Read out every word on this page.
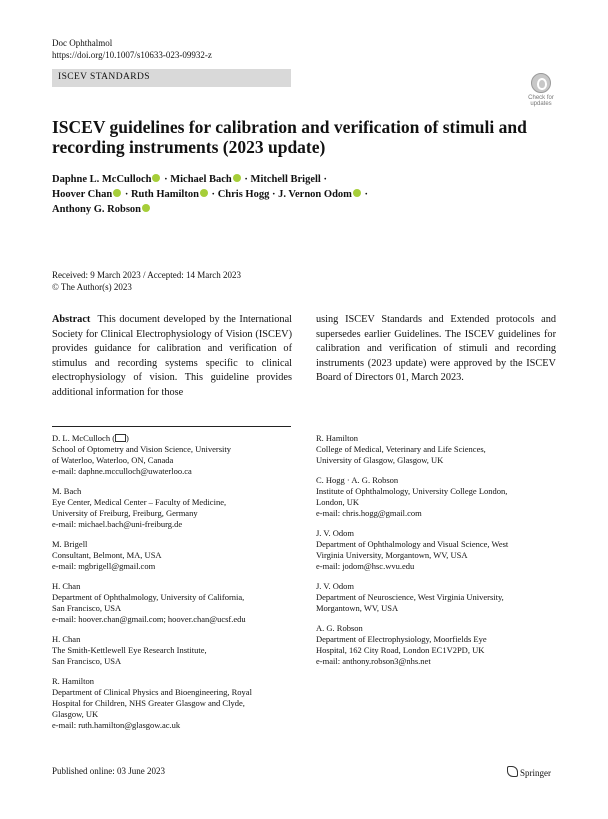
Doc Ophthalmol
https://doi.org/10.1007/s10633-023-09932-z
ISCEV STANDARDS
Check for
updates
ISCEV guidelines for calibration and verification of stimuli and recording instruments (2023 update)
Daphne L. McCulloch · Michael Bach · Mitchell Brigell ·
Hoover Chan · Ruth Hamilton · Chris Hogg · J. Vernon Odom ·
Anthony G. Robson
Received: 9 March 2023 / Accepted: 14 March 2023
© The Author(s) 2023
Abstract This document developed by the International Society for Clinical Electrophysiology of Vision (ISCEV) provides guidance for calibration and verification of stimulus and recording systems specific to clinical electrophysiology of vision. This guideline provides additional information for those
using ISCEV Standards and Extended protocols and supersedes earlier Guidelines. The ISCEV guidelines for calibration and verification of stimuli and recording instruments (2023 update) were approved by the ISCEV Board of Directors 01, March 2023.
D. L. McCulloch ( )
School of Optometry and Vision Science, University
of Waterloo, Waterloo, ON, Canada
e-mail: daphne.mcculloch@uwaterloo.ca
M. Bach
Eye Center, Medical Center – Faculty of Medicine,
University of Freiburg, Freiburg, Germany
e-mail: michael.bach@uni-freiburg.de
M. Brigell
Consultant, Belmont, MA, USA
e-mail: mgbrigell@gmail.com
H. Chan
Department of Ophthalmology, University of California,
San Francisco, USA
e-mail: hoover.chan@gmail.com; hoover.chan@ucsf.edu
H. Chan
The Smith-Kettlewell Eye Research Institute,
San Francisco, USA
R. Hamilton
Department of Clinical Physics and Bioengineering, Royal
Hospital for Children, NHS Greater Glasgow and Clyde,
Glasgow, UK
e-mail: ruth.hamilton@glasgow.ac.uk
R. Hamilton
College of Medical, Veterinary and Life Sciences,
University of Glasgow, Glasgow, UK
C. Hogg · A. G. Robson
Institute of Ophthalmology, University College London,
London, UK
e-mail: chris.hogg@gmail.com
J. V. Odom
Department of Ophthalmology and Visual Science, West
Virginia University, Morgantown, WV, USA
e-mail: jodom@hsc.wvu.edu
J. V. Odom
Department of Neuroscience, West Virginia University,
Morgantown, WV, USA
A. G. Robson
Department of Electrophysiology, Moorfields Eye
Hospital, 162 City Road, London EC1V2PD, UK
e-mail: anthony.robson3@nhs.net
Published online: 03 June 2023	Springer
